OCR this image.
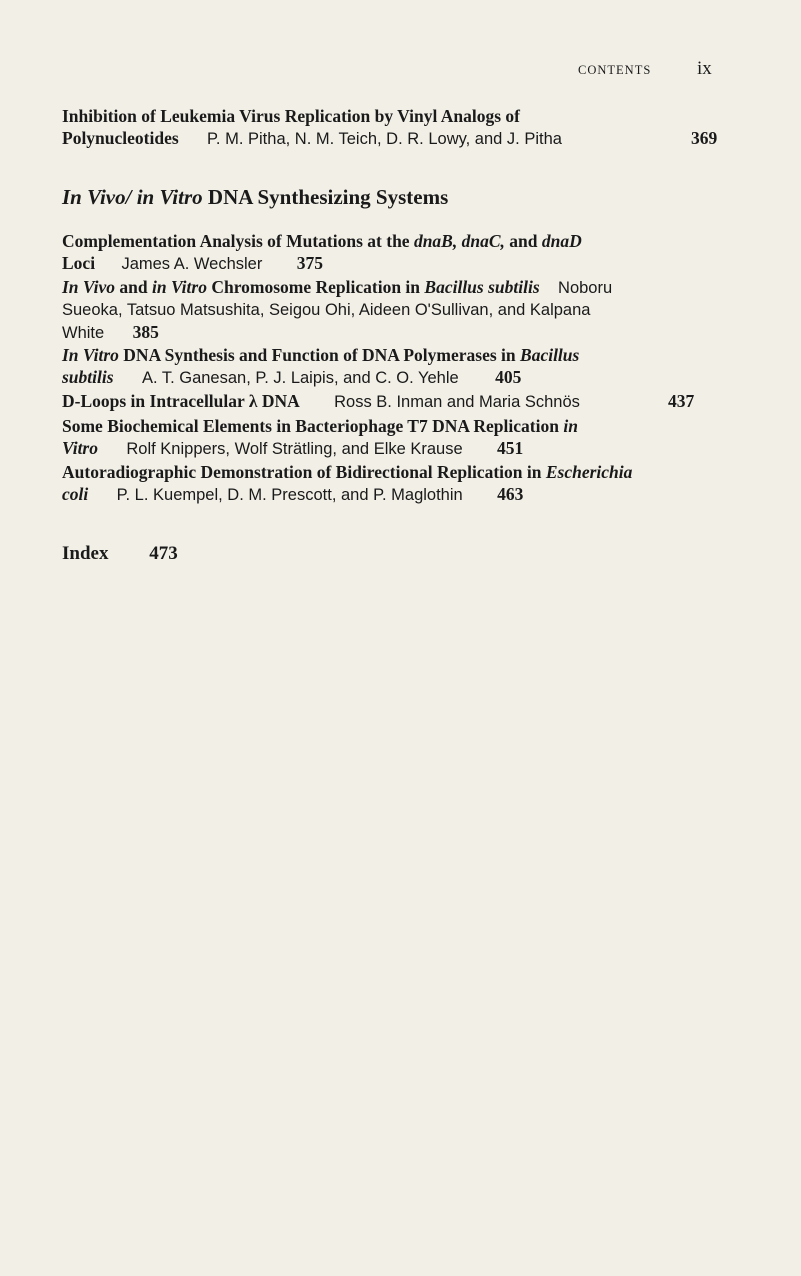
CONTENTS ix
Inhibition of Leukemia Virus Replication by Vinyl Analogs of
Polynucleotides P. M. Pitha, N. M. Teich, D. R. Lowy, and J. Pitha	369
In Vivo/ in Vitro DNA Synthesizing Systems
Complementation Analysis of Mutations at the dnaB, dnaC, and dnaD
Loci James A. Wechsler 375
In Vivo and in Vitro Chromosome Replication in Bacillus subtilis Noboru
Sueoka, Tatsuo Matsushita, Seigou Ohi, Aideen O'Sullivan, and Kalpana
White 385
In Vitro DNA Synthesis and Function of DNA Polymerases in Bacillus
subtilis A. T. Ganesan, P. J. Laipis, and C. O. Yehle 405
D-Loops in Intracellular λ DNA Ross B. Inman and Maria Schnös	437
Some Biochemical Elements in Bacteriophage T7 DNA Replication in
Vitro Rolf Knippers, Wolf Strätling, and Elke Krause 451
Autoradiographic Demonstration of Bidirectional Replication in Escherichia
coli P. L. Kuempel, D. M. Prescott, and P. Maglothin 463
Index 473
